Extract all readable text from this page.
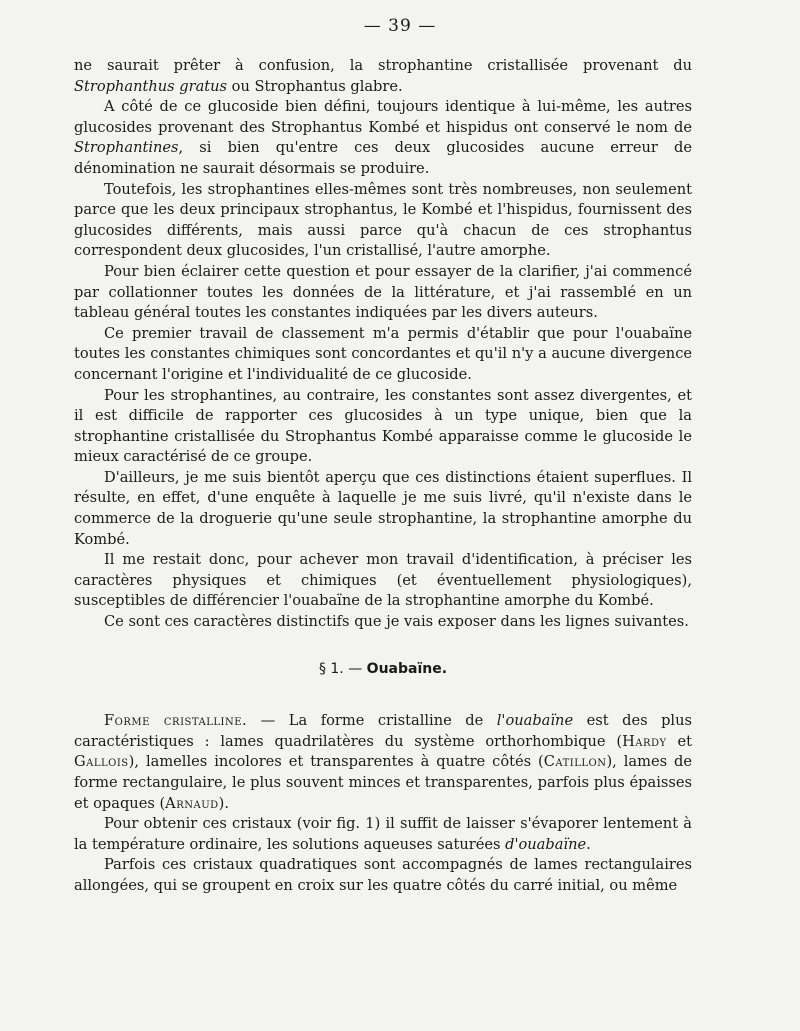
— 39 —

ne saurait prêter à confusion, la strophantine cristallisée provenant du Strophanthus gratus ou Strophantus glabre.

A côté de ce glucoside bien défini, toujours identique à lui-même, les autres glucosides provenant des Strophantus Kombé et hispidus ont conservé le nom de Strophantines, si bien qu'entre ces deux glucosides aucune erreur de dénomination ne saurait désormais se produire.

Toutefois, les strophantines elles-mêmes sont très nombreuses, non seulement parce que les deux principaux strophantus, le Kombé et l'hispidus, fournissent des glucosides différents, mais aussi parce qu'à chacun de ces strophantus correspondent deux glucosides, l'un cristallisé, l'autre amorphe.

Pour bien éclairer cette question et pour essayer de la clarifier, j'ai commencé par collationner toutes les données de la littérature, et j'ai rassemblé en un tableau général toutes les constantes indiquées par les divers auteurs.

Ce premier travail de classement m'a permis d'établir que pour l'ouabaïne toutes les constantes chimiques sont concordantes et qu'il n'y a aucune divergence concernant l'origine et l'individualité de ce glucoside.

Pour les strophantines, au contraire, les constantes sont assez divergentes, et il est difficile de rapporter ces glucosides à un type unique, bien que la strophantine cristallisée du Strophantus Kombé apparaisse comme le glucoside le mieux caractérisé de ce groupe.

D'ailleurs, je me suis bientôt aperçu que ces distinctions étaient superflues. Il résulte, en effet, d'une enquête à laquelle je me suis livré, qu'il n'existe dans le commerce de la droguerie qu'une seule strophantine, la strophantine amorphe du Kombé.

Il me restait donc, pour achever mon travail d'identification, à préciser les caractères physiques et chimiques (et éventuellement physiologiques), susceptibles de différencier l'ouabaïne de la strophantine amorphe du Kombé.

Ce sont ces caractères distinctifs que je vais exposer dans les lignes suivantes.

§ 1. — Ouabaïne.

Forme cristalline. — La forme cristalline de l'ouabaïne est des plus caractéristiques : lames quadrilatères du système orthorhombique (Hardy et Gallois), lamelles incolores et transparentes à quatre côtés (Catillon), lames de forme rectangulaire, le plus souvent minces et transparentes, parfois plus épaisses et opaques (Arnaud).

Pour obtenir ces cristaux (voir fig. 1) il suffit de laisser s'évaporer lentement à la température ordinaire, les solutions aqueuses saturées d'ouabaïne.

Parfois ces cristaux quadratiques sont accompagnés de lames rectangulaires allongées, qui se groupent en croix sur les quatre côtés du carré initial, ou même
